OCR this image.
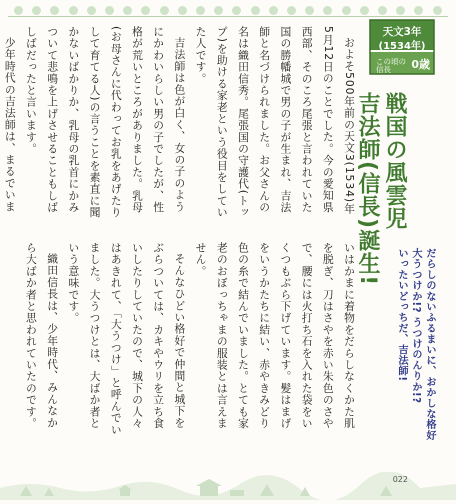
天文3年
(1534年)
この頃の
信長	0歳
戦国の風雲児
吉法師(信長)誕生!
だらしのないふるまいに、おかしな格好
大うつけか!? うつけのんりか!?
いったいどっちだ、吉法師!

およそ500年前の天文3(1534)年5月12日のことでした。今の愛知県西部、そのころ尾張と言われていた国の勝幡城で男の子が生まれ、吉法師と名づけられました。お父さんの名は織田信秀。尾張国の守護代(トップ)を助ける家老という役目をしていた人です。

吉法師は色が白く、女の子のようにかわいらしい男の子でしたが、性格が荒いところがありました。乳母(お母さんに代わってお乳をあげたりして育てる人)の言うことを素直に聞かないばかりか、乳母の乳首にかみついて悲鳴を上げさせることもしばしばだったと言います。

少年時代の吉法師は、まるでいま いはかまに着物をだらしなくかた肌を脱ぎ、刀はさやを赤い朱色のさやで、腰には火打ち石を入れた袋をいくつもぶら下げています。髪はまげをいうかたちに結い、赤やきみどり色の糸で結んでいました。とても家老のおぼっちゃまの服装とは言えません。

そんなひどい格好で仲間と城下をぶらついては、カキやウリを立ち食いしたりしていたので、城下の人々はあきれて、「大うつけ」と呼んでいました。大うつけとは、大ばか者という意味です。

織田信長は、少年時代、みんなから大ばか者と思われていたのです。

022
